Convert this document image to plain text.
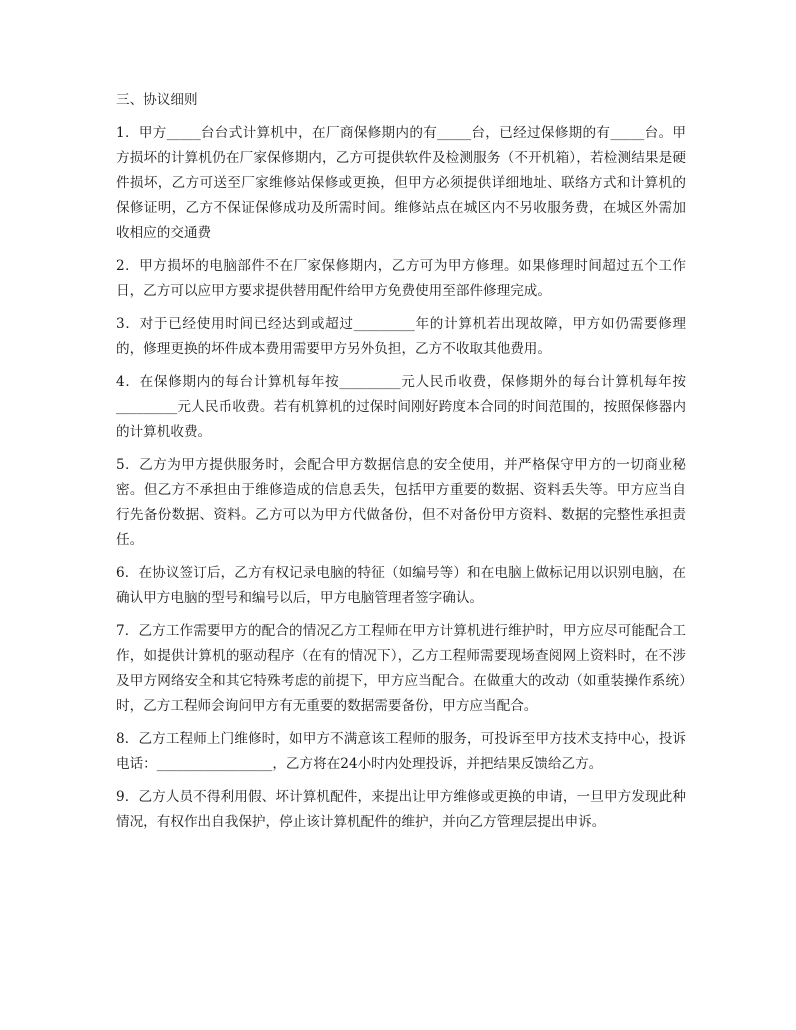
三、协议细则

1．甲方_____台台式计算机中，在厂商保修期内的有_____台，已经过保修期的有_____台。甲方损坏的计算机仍在厂家保修期内，乙方可提供软件及检测服务（不开机箱），若检测结果是硬件损坏，乙方可送至厂家维修站保修或更换，但甲方必须提供详细地址、联络方式和计算机的保修证明，乙方不保证保修成功及所需时间。维修站点在城区内不另收服务费，在城区外需加收相应的交通费

2．甲方损坏的电脑部件不在厂家保修期内，乙方可为甲方修理。如果修理时间超过五个工作日，乙方可以应甲方要求提供替用配件给甲方免费使用至部件修理完成。

3．对于已经使用时间已经达到或超过_________年的计算机若出现故障，甲方如仍需要修理的，修理更换的坏件成本费用需要甲方另外负担，乙方不收取其他费用。

4．在保修期内的每台计算机每年按_________元人民币收费，保修期外的每台计算机每年按_________元人民币收费。若有机算机的过保时间刚好跨度本合同的时间范围的，按照保修器内的计算机收费。

5．乙方为甲方提供服务时，会配合甲方数据信息的安全使用，并严格保守甲方的一切商业秘密。但乙方不承担由于维修造成的信息丢失，包括甲方重要的数据、资料丢失等。甲方应当自行先备份数据、资料。乙方可以为甲方代做备份，但不对备份甲方资料、数据的完整性承担责任。

6．在协议签订后，乙方有权记录电脑的特征（如编号等）和在电脑上做标记用以识别电脑，在确认甲方电脑的型号和编号以后，甲方电脑管理者签字确认。

7．乙方工作需要甲方的配合的情况乙方工程师在甲方计算机进行维护时，甲方应尽可能配合工作，如提供计算机的驱动程序（在有的情况下），乙方工程师需要现场查阅网上资料时，在不涉及甲方网络安全和其它特殊考虑的前提下，甲方应当配合。在做重大的改动（如重装操作系统）时，乙方工程师会询问甲方有无重要的数据需要备份，甲方应当配合。

8．乙方工程师上门维修时，如甲方不满意该工程师的服务，可投诉至甲方技术支持中心，投诉电话：_________________，乙方将在24小时内处理投诉，并把结果反馈给乙方。

9．乙方人员不得利用假、坏计算机配件，来提出让甲方维修或更换的申请，一旦甲方发现此种情况，有权作出自我保护，停止该计算机配件的维护，并向乙方管理层提出申诉。
